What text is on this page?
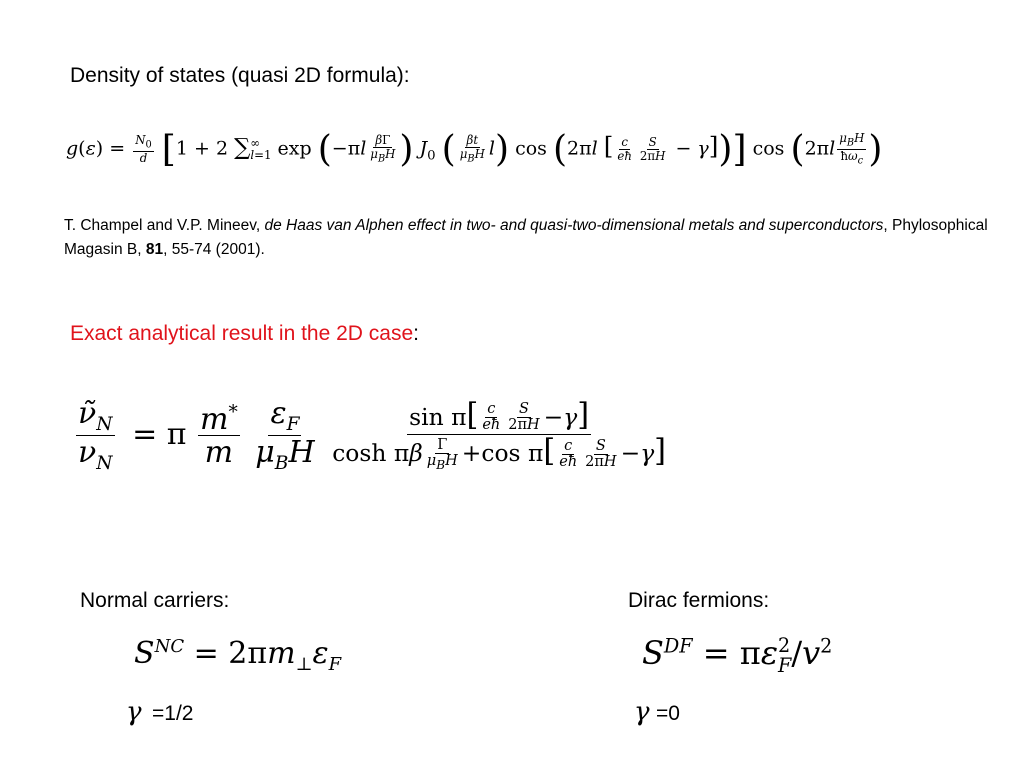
Density of states (quasi 2D formula):
$g(\varepsilon) = \frac{N_0}{d} [1 + 2$ ∑ ∞
l=1 $\exp (-\pi l \frac{\beta\Gamma}{\mu_BH}$ ) $J_0$ ( $\frac{\beta t}{\mu_BH} l$) cos (2πl [ $\frac{c}{eħ} \frac{S}{2\pi H} - \gamma$])] $\cos (2\pi l \frac{\mu_BH}{ħ\omega_c}$ )
T. Champel and V.P. Mineev, de Haas van Alphen effect in two- and quasi-two-dimensional metals and superconductors, Phylosophical Magasin B, 81, 55-74 (2001).
Exact analytical result in the 2D case:
$\frac{\nũ_N}{\nu_N} = \pi \frac{m^*}{m}$
$\frac{\varepsilon_F}{\mu_BH}$
$\frac{\sin \pi[ \frac{c}{eħ} \frac{S}{2\pi H} -\gamma]}{\cosh \pi\beta \frac{\Gamma}{\mu_BH} +\cos \pi[ \frac{c}{eħ} \frac{S}{2\pi H} -\gamma]}$
Normal carriers:	Dirac fermions:
$S^{NC} = 2\pi m_\perp\varepsilon_F$	$S^{DF} = \pi\varepsilon$ 2
F $/v^2$
γ =1/2	γ =0
